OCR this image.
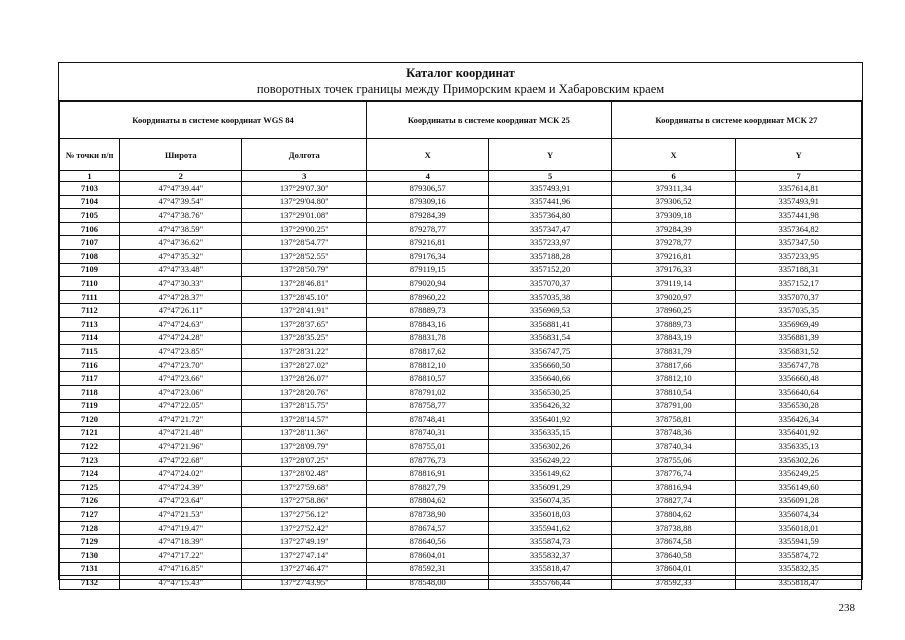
Каталог координат
поворотных точек границы между Приморским краем и Хабаровским краем
Координаты в системе координат WGS 84			Координаты в системе координат МСК 25		Координаты в системе координат МСК 27	
№ точки п/п	Широта	Долгота	X	Y	X	Y
1	2	3	4	5	6	7
7103	47°47'39.44"	137°29'07.30"	879306,57	3357493,91	379311,34	3357614,81
7104	47°47'39.54"	137°29'04.80"	879309,16	3357441,96	379306,52	3357493,91
7105	47°47'38.76"	137°29'01.08"	879284,39	3357364,80	379309,18	3357441,98
7106	47°47'38.59"	137°29'00.25"	879278,77	3357347,47	379284,39	3357364,82
7107	47°47'36.62"	137°28'54.77"	879216,81	3357233,97	379278,77	3357347,50
7108	47°47'35.32"	137°28'52.55"	879176,34	3357188,28	379216,81	3357233,95
7109	47°47'33.48"	137°28'50.79"	879119,15	3357152,20	379176,33	3357188,31
7110	47°47'30.33"	137°28'46.81"	879020,94	3357070,37	379119,14	3357152,17
7111	47°47'28.37"	137°28'45.10"	878960,22	3357035,38	379020,97	3357070,37
7112	47°47'26.11"	137°28'41.91"	878889,73	3356969,53	378960,25	3357035,35
7113	47°47'24.63"	137°28'37.65"	878843,16	3356881,41	378889,73	3356969,49
7114	47°47'24.28"	137°28'35.25"	878831,78	3356831,54	378843,19	3356881,39
7115	47°47'23.85"	137°28'31.22"	878817,62	3356747,75	378831,79	3356831,52
7116	47°47'23.70"	137°28'27.02"	878812,10	3356660,50	378817,66	3356747,78
7117	47°47'23.66"	137°28'26.07"	878810,57	3356640,66	378812,10	3356660,48
7118	47°47'23.06"	137°28'20.76"	878791,02	3356530,25	378810,54	3356640,64
7119	47°47'22.05"	137°28'15.75"	878758,77	3356426,32	378791,00	3356530,28
7120	47°47'21.72"	137°28'14.57"	878748,41	3356401,92	378758,81	3356426,34
7121	47°47'21.48"	137°28'11.36"	878740,31	3356335,15	378748,36	3356401,92
7122	47°47'21.96"	137°28'09.79"	878755,01	3356302,26	378740,34	3356335,13
7123	47°47'22.68"	137°28'07.25"	878776,73	3356249,22	378755,06	3356302,26
7124	47°47'24.02"	137°28'02.48"	878816,91	3356149,62	378776,74	3356249,25
7125	47°47'24.39"	137°27'59.68"	878827,79	3356091,29	378816,94	3356149,60
7126	47°47'23.64"	137°27'58.86"	878804,62	3356074,35	378827,74	3356091,28
7127	47°47'21.53"	137°27'56.12"	878738,90	3356018,03	378804,62	3356074,34
7128	47°47'19.47"	137°27'52.42"	878674,57	3355941,62	378738,88	3356018,01
7129	47°47'18.39"	137°27'49.19"	878640,56	3355874,73	378674,58	3355941,59
7130	47°47'17.22"	137°27'47.14"	878604,01	3355832,37	378640,58	3355874,72
7131	47°47'16.85"	137°27'46.47"	878592,31	3355818,47	378604,01	3355832,35
7132	47°47'15.43"	137°27'43.95"	878548,00	3355766,44	378592,33	3355818,47
238
